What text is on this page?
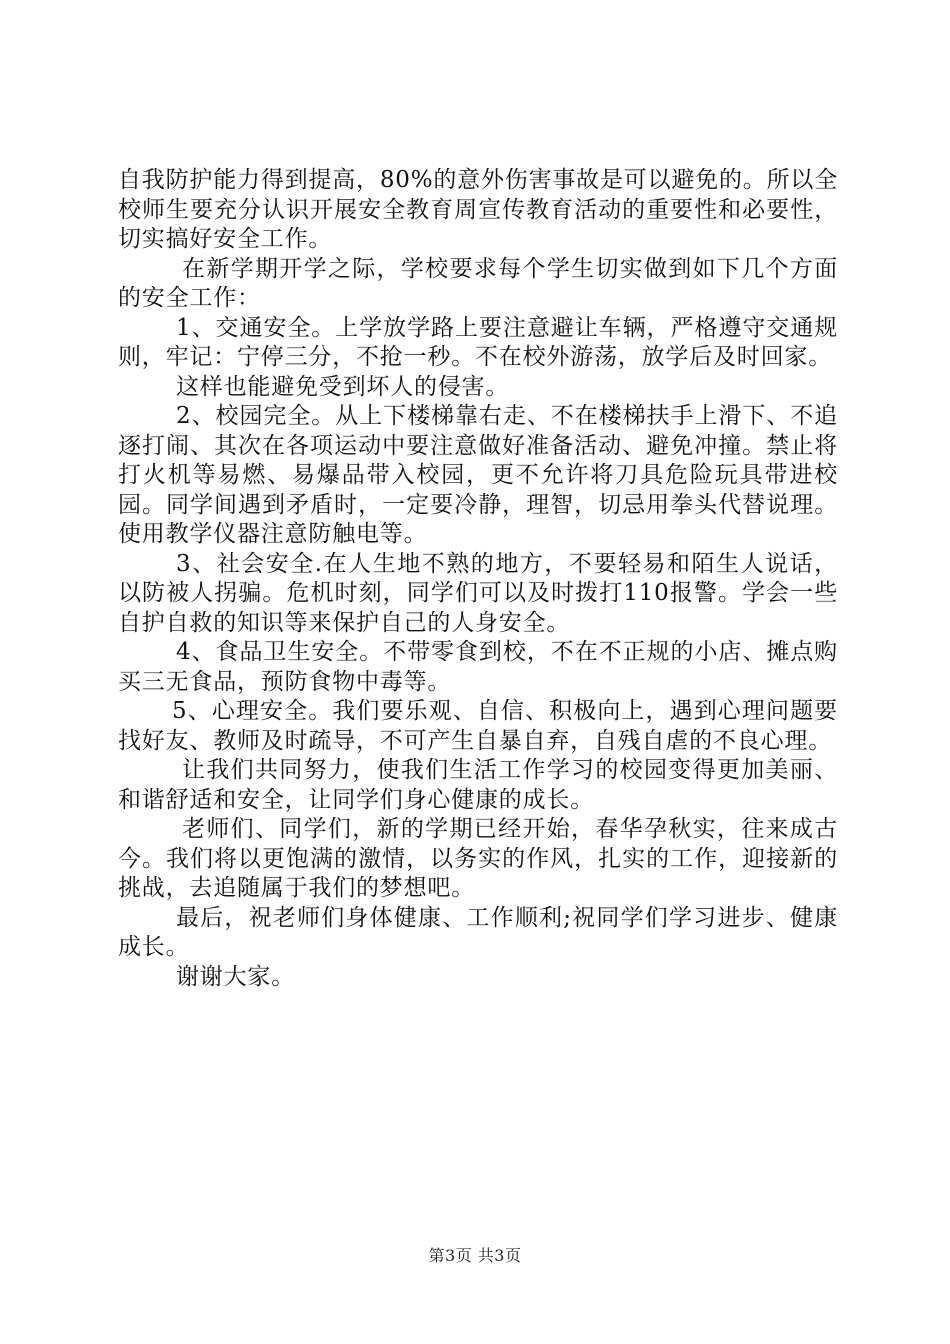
自我防护能力得到提高，80%的意外伤害事故是可以避免的。所以全校师生要充分认识开展安全教育周宣传教育活动的重要性和必要性，切实搞好安全工作。

在新学期开学之际，学校要求每个学生切实做到如下几个方面的安全工作：

1、交通安全。上学放学路上要注意避让车辆，严格遵守交通规则，牢记：宁停三分，不抢一秒。不在校外游荡，放学后及时回家。

这样也能避免受到坏人的侵害。

2、校园完全。从上下楼梯靠右走、不在楼梯扶手上滑下、不追逐打闹、其次在各项运动中要注意做好准备活动、避免冲撞。禁止将打火机等易燃、易爆品带入校园，更不允许将刀具危险玩具带进校园。同学间遇到矛盾时，一定要冷静，理智，切忌用拳头代替说理。使用教学仪器注意防触电等。

3、社会安全.在人生地不熟的地方，不要轻易和陌生人说话，以防被人拐骗。危机时刻，同学们可以及时拨打110报警。学会一些自护自救的知识等来保护自己的人身安全。

4、食品卫生安全。不带零食到校，不在不正规的小店、摊点购买三无食品，预防食物中毒等。

5、心理安全。我们要乐观、自信、积极向上，遇到心理问题要找好友、教师及时疏导，不可产生自暴自弃，自残自虐的不良心理。

让我们共同努力，使我们生活工作学习的校园变得更加美丽、和谐舒适和安全，让同学们身心健康的成长。

老师们、同学们，新的学期已经开始，春华孕秋实，往来成古今。我们将以更饱满的激情，以务实的作风，扎实的工作，迎接新的挑战，去追随属于我们的梦想吧。

最后，祝老师们身体健康、工作顺利;祝同学们学习进步、健康成长。

谢谢大家。

第3页 共3页
